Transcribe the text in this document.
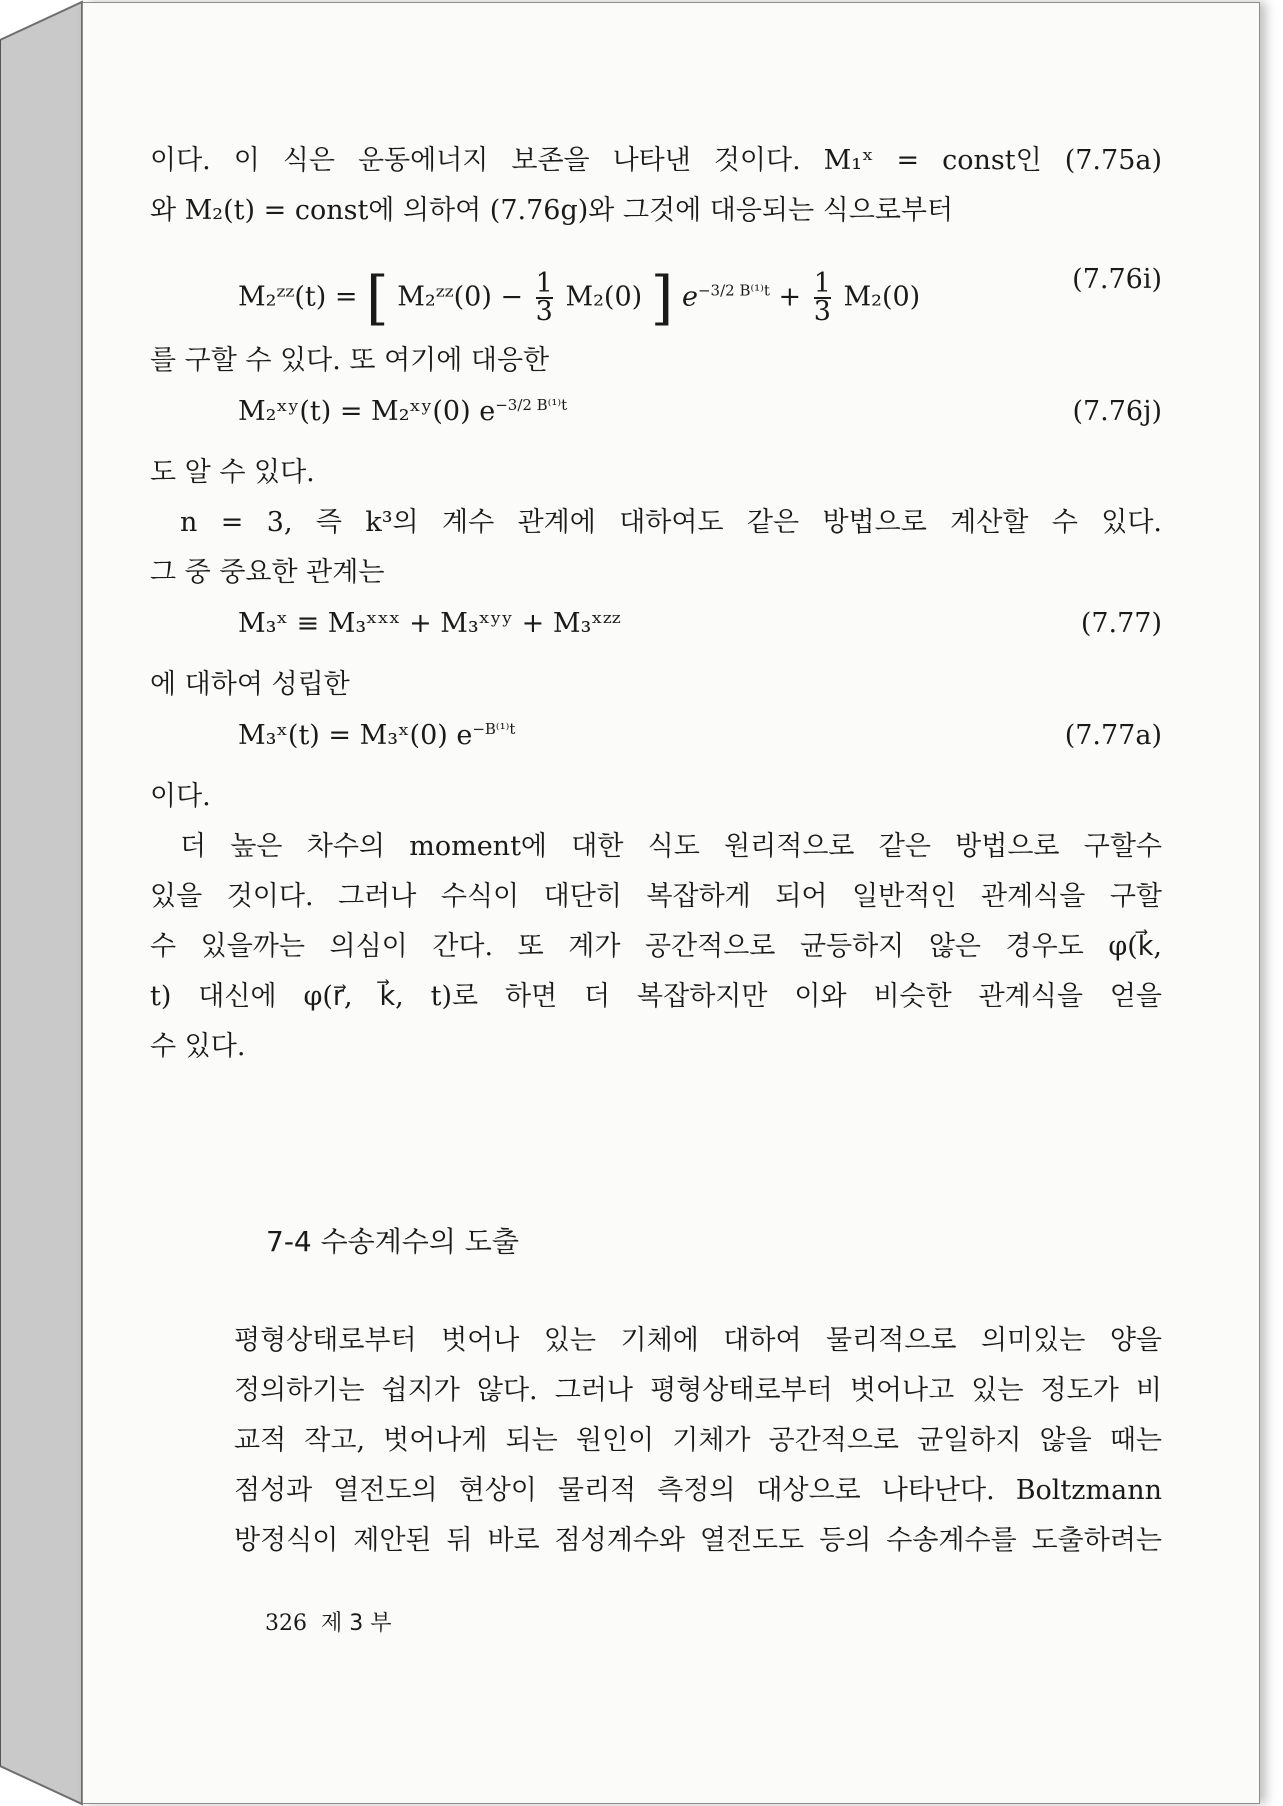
이다. 이 식은 운동에너지 보존을 나타낸 것이다. M₁ˣ = const인 (7.75a)
와 M₂(t) = const에 의하여 (7.76g)와 그것에 대응되는 식으로부터
M₂ᶻᶻ(t) = [ M₂ᶻᶻ(0) − $\frac{1}{3} M_2(0)$ ] $e^{-3/2 B^{(1)}t} + \frac{1}{3} M_2(0)$
(7.76i)
를 구할 수 있다. 또 여기에 대응한
M₂ˣʸ(t) = M₂ˣʸ(0) $e^{-3/2 B^{(1)}t}$	(7.76j)
도 알 수 있다.
n = 3, 즉 k³의 계수 관계에 대하여도 같은 방법으로 계산할 수 있다.
그 중 중요한 관계는
M₃ˣ ≡ M₃ˣˣˣ + M₃ˣʸʸ + M₃ˣᶻᶻ	(7.77)
에 대하여 성립한
M₃ˣ(t) = M₃ˣ(0) $e^{-B^{(1)}t}$	(7.77a)
이다.
더 높은 차수의 moment에 대한 식도 원리적으로 같은 방법으로 구할수
있을 것이다. 그러나 수식이 대단히 복잡하게 되어 일반적인 관계식을 구할
수 있을까는 의심이 간다. 또 계가 공간적으로 균등하지 않은 경우도 φ(k⃗,
t) 대신에 φ(r⃗, k⃗, t)로 하면 더 복잡하지만 이와 비슷한 관계식을 얻을
수 있다.
7-4 수송계수의 도출
평형상태로부터 벗어나 있는 기체에 대하여 물리적으로 의미있는 양을
정의하기는 쉽지가 않다. 그러나 평형상태로부터 벗어나고 있는 정도가 비
교적 작고, 벗어나게 되는 원인이 기체가 공간적으로 균일하지 않을 때는
점성과 열전도의 현상이 물리적 측정의 대상으로 나타난다. Boltzmann
방정식이 제안된 뒤 바로 점성계수와 열전도도 등의 수송계수를 도출하려는
326 제 3 부
